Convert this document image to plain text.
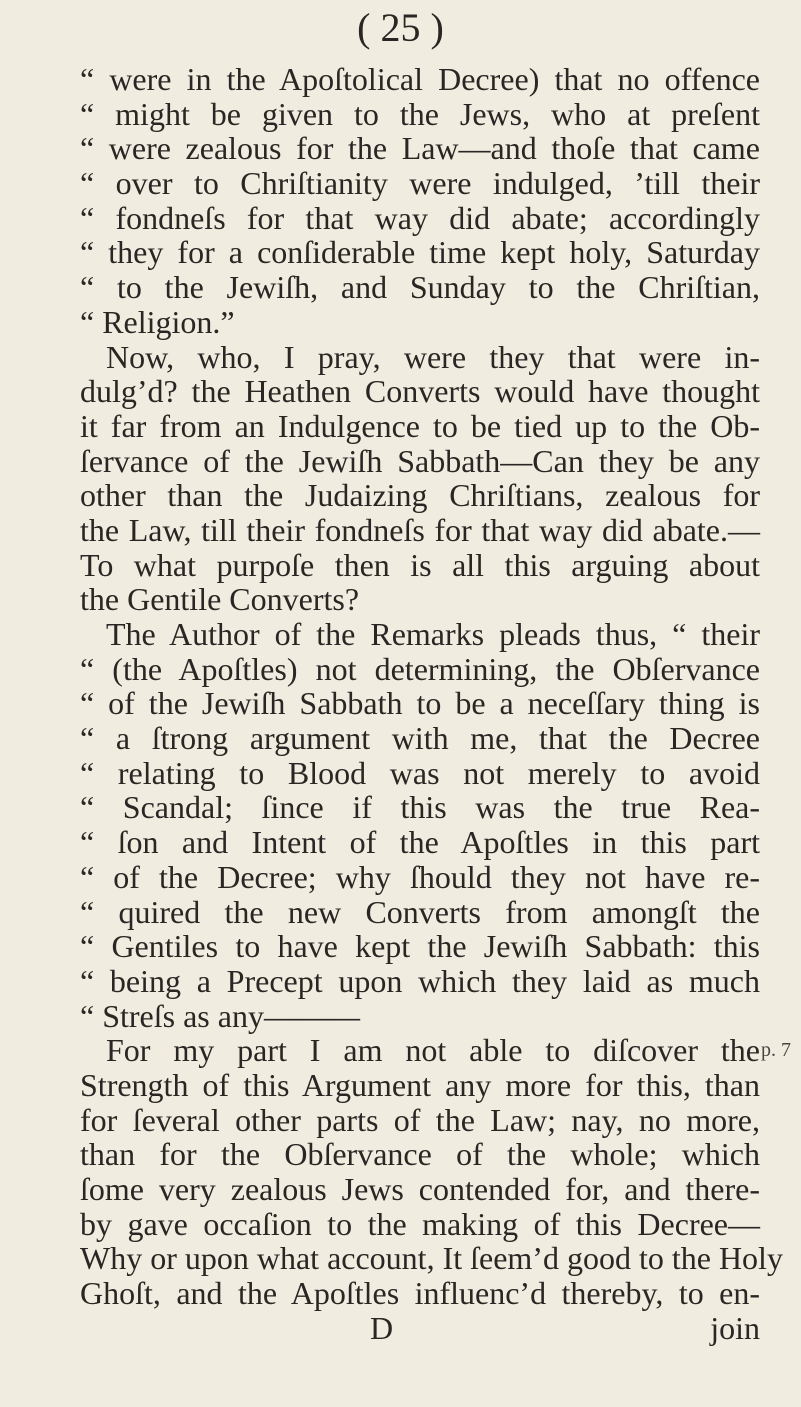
( 25 )
“ were in the Apoſtolical Decree) that no offence
“ might be given to the Jews, who at preſent
“ were zealous for the Law—and thoſe that came
“ over to Chriſtianity were indulged, ’till their
“ fondneſs for that way did abate; accordingly
“ they for a conſiderable time kept holy, Saturday
“ to the Jewiſh, and Sunday to the Chriſtian,
“ Religion.”
Now, who, I pray, were they that were in-
dulg’d? the Heathen Converts would have thought
it far from an Indulgence to be tied up to the Ob-
ſervance of the Jewiſh Sabbath—Can they be any
other than the Judaizing Chriſtians, zealous for
the Law, till their fondneſs for that way did abate.—
To what purpoſe then is all this arguing about
the Gentile Converts?
The Author of the Remarks pleads thus, “ their
“ (the Apoſtles) not determining, the Obſervance
“ of the Jewiſh Sabbath to be a neceſſary thing is
“ a ſtrong argument with me, that the Decree
“ relating to Blood was not merely to avoid
“ Scandal; ſince if this was the true Rea-
“ ſon and Intent of the Apoſtles in this part
“ of the Decree; why ſhould they not have re-
“ quired the new Converts from amongſt the
“ Gentiles to have kept the Jewiſh Sabbath: this
“ being a Precept upon which they laid as much
“ Streſs as any———
For my part I am not able to diſcover the
Strength of this Argument any more for this, than
for ſeveral other parts of the Law; nay, no more,
than for the Obſervance of the whole; which
ſome very zealous Jews contended for, and there-
by gave occaſion to the making of this Decree—
Why or upon what account, It ſeem’d good to the Holy
Ghoſt, and the Apoſtles influenc’d thereby, to en-
D	join
p. 7
